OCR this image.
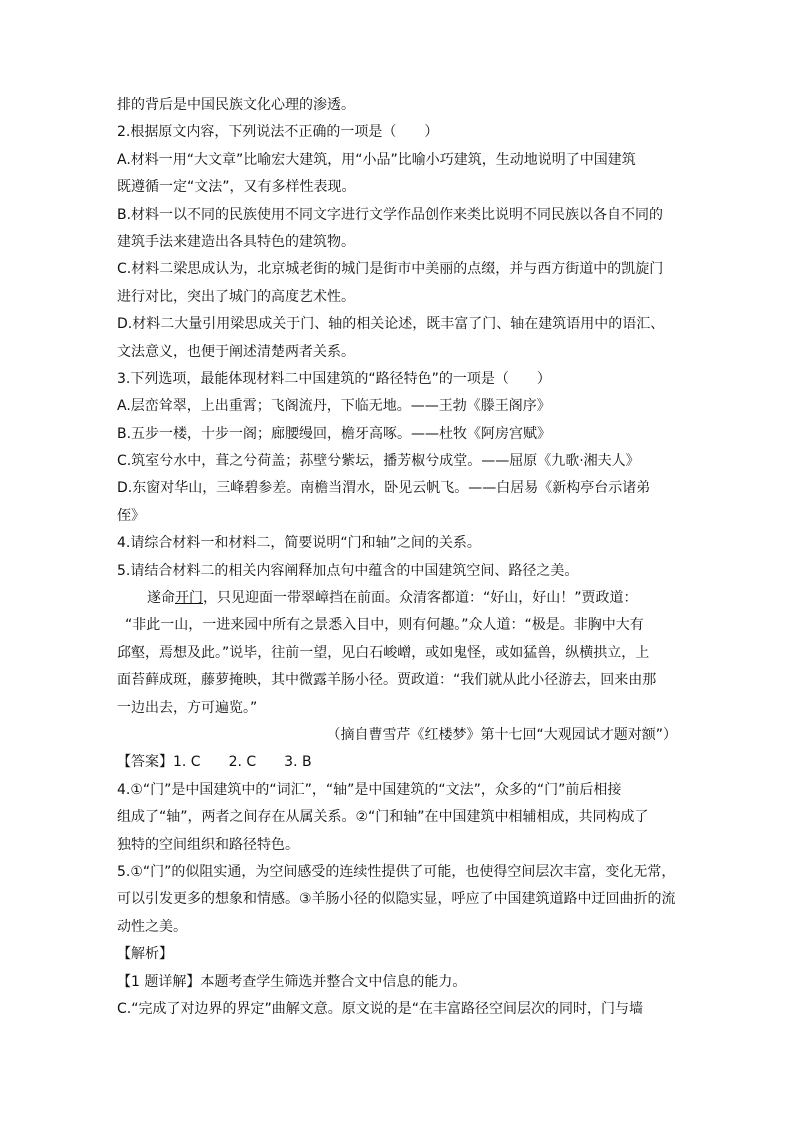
排的背后是中国民族文化心理的渗透。
2.根据原文内容，下列说法不正确的一项是（　　）
A.材料一用“大文章”比喻宏大建筑，用“小品”比喻小巧建筑，生动地说明了中国建筑
既遵循一定“文法”，又有多样性表现。
B.材料一以不同的民族使用不同文字进行文学作品创作来类比说明不同民族以各自不同的
建筑手法来建造出各具特色的建筑物。
C.材料二梁思成认为，北京城老街的城门是街市中美丽的点缀，并与西方街道中的凯旋门
进行对比，突出了城门的高度艺术性。
D.材料二大量引用梁思成关于门、轴的相关论述，既丰富了门、轴在建筑语用中的语汇、
文法意义，也便于阐述清楚两者关系。
3.下列选项，最能体现材料二中国建筑的“路径特色”的一项是（　　）
A.层峦耸翠，上出重霄；飞阁流丹，下临无地。——王勃《滕王阁序》
B.五步一楼，十步一阁；廊腰缦回，檐牙高啄。——杜牧《阿房宫赋》
C.筑室兮水中，葺之兮荷盖；荪壁兮紫坛，播芳椒兮成堂。——屈原《九歌·湘夫人》
D.东窗对华山，三峰碧参差。南檐当渭水，卧见云帆飞。——白居易《新构亭台示诸弟
侄》
4.请综合材料一和材料二，简要说明“门和轴”之间的关系。
5.请结合材料二的相关内容阐释加点句中蕴含的中国建筑空间、路径之美。
遂命开门，只见迎面一带翠嶂挡在前面。众清客都道：“好山，好山！”贾政道：
“非此一山，一进来园中所有之景悉入目中，则有何趣。”众人道：“极是。非胸中大有
邱壑，焉想及此。”说毕，往前一望，见白石峻嶒，或如鬼怪，或如猛兽，纵横拱立，上
面苔藓成斑，藤萝掩映，其中微露羊肠小径。贾政道：“我们就从此小径游去，回来由那
一边出去，方可遍览。”
（摘自曹雪芹《红楼梦》第十七回“大观园试才题对额”）
【答案】1. C　　2. C　　3. B
4.①“门”是中国建筑中的“词汇”，“轴”是中国建筑的“文法”，众多的“门”前后相接
组成了“轴”，两者之间存在从属关系。②“门和轴”在中国建筑中相辅相成，共同构成了
独特的空间组织和路径特色。
5.①“门”的似阻实通，为空间感受的连续性提供了可能，也使得空间层次丰富，变化无常，
可以引发更多的想象和情感。③羊肠小径的似隐实显，呼应了中国建筑道路中迂回曲折的流
动性之美。
【解析】
【1 题详解】本题考查学生筛选并整合文中信息的能力。
C.“完成了对边界的界定”曲解文意。原文说的是“在丰富路径空间层次的同时，门与墙
